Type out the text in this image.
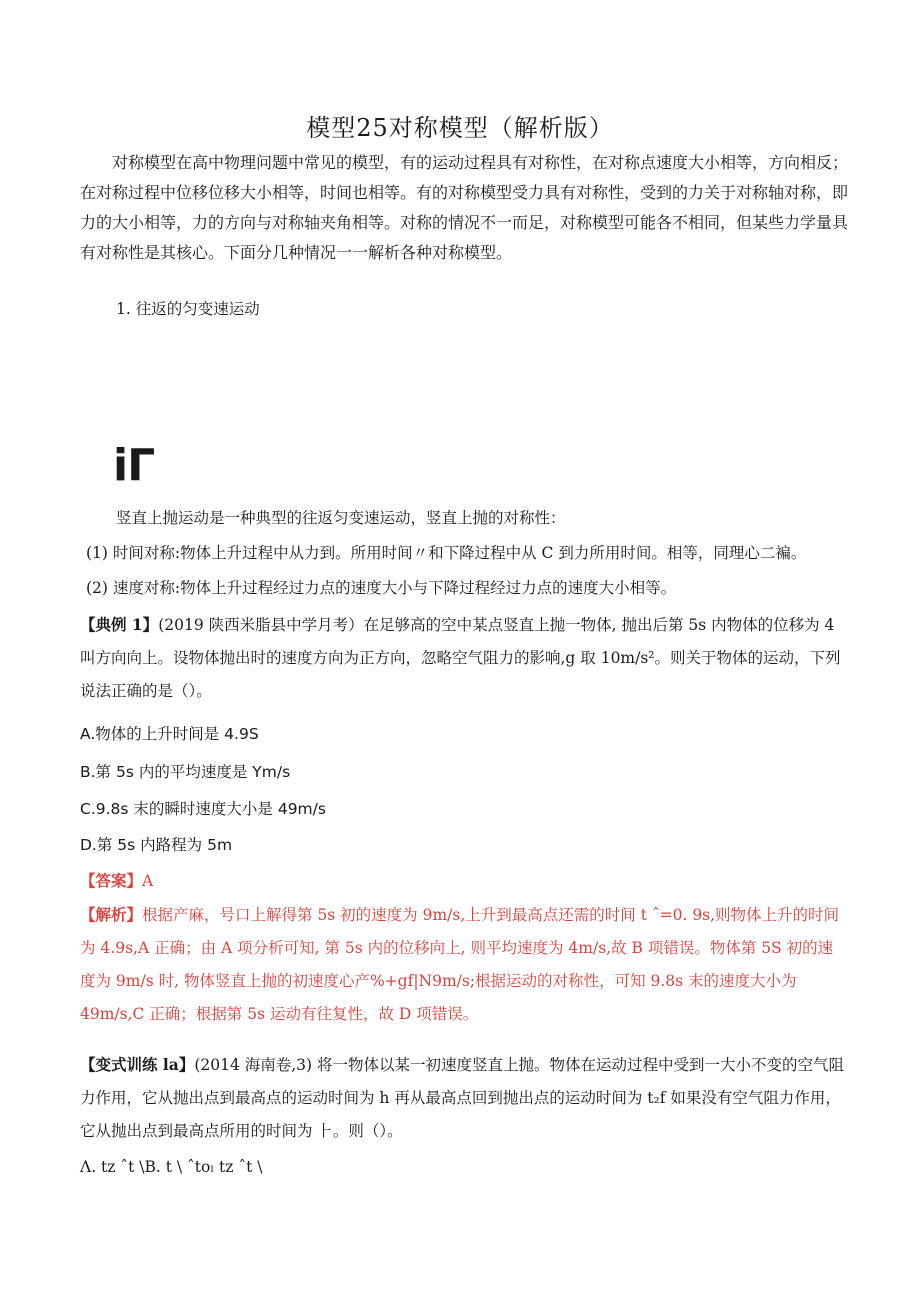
模型25对称模型（解析版）

对称模型在高中物理问题中常见的模型，有的运动过程具有对称性，在对称点速度大小相等，方向相反；在对称过程中位移位移大小相等，时间也相等。有的对称模型受力具有对称性，受到的力关于对称轴对称，即力的大小相等，力的方向与对称轴夹角相等。对称的情况不一而足，对称模型可能各不相同，但某些力学量具有对称性是其核心。下面分几种情况一一解析各种对称模型。

1. 往返的匀变速运动
iΓ
竖直上抛运动是一种典型的往返匀变速运动，竖直上抛的对称性：
(1) 时间对称:物体上升过程中从力到。所用时间〃和下降过程中从 C 到力所用时间。相等，同理心二褊。
(2) 速度对称:物体上升过程经过力点的速度大小与下降过程经过力点的速度大小相等。

【典例 1】(2019 陕西米脂县中学月考）在足够高的空中某点竖直上抛一物体, 抛出后第 5s 内物体的位移为 4 叫方向向上。设物体抛出时的速度方向为正方向，忽略空气阻力的影响,g 取 10m/s²。则关于物体的运动，下列说法正确的是（）。

A.物体的上升时间是 4.9S
B.第 5s 内的平均速度是 Ym/s
C.9.8s 末的瞬时速度大小是 49m/s
D.第 5s 内路程为 5m
【答案】A

【解析】根据产麻，号口上解得第 5s 初的速度为 9m/s,上升到最高点还需的时间 t ˆ=0. 9s,则物体上升的时间为 4.9s,A 正确；由 A 项分析可知, 第 5s 内的位移向上, 则平均速度为 4m/s,故 B 项错误。物体第 5S 初的速度为 9m/s 时, 物体竖直上抛的初速度心产%+gf|N9m/s;根据运动的对称性，可知 9.8s 末的速度大小为 49m/s,C 正确；根据第 5s 运动有往复性，故 D 项错误。

【变式训练 la】(2014 海南卷,3) 将一物体以某一初速度竖直上抛。物体在运动过程中受到一大小不变的空气阻力作用，它从抛出点到最高点的运动时间为 h 再从最高点回到抛出点的运动时间为 t₂f 如果没有空气阻力作用，它从抛出点到最高点所用的时间为 ⺊。则（）。

Λ. tz ˆt \B. t \ ˆtoₗ tz ˆt \
